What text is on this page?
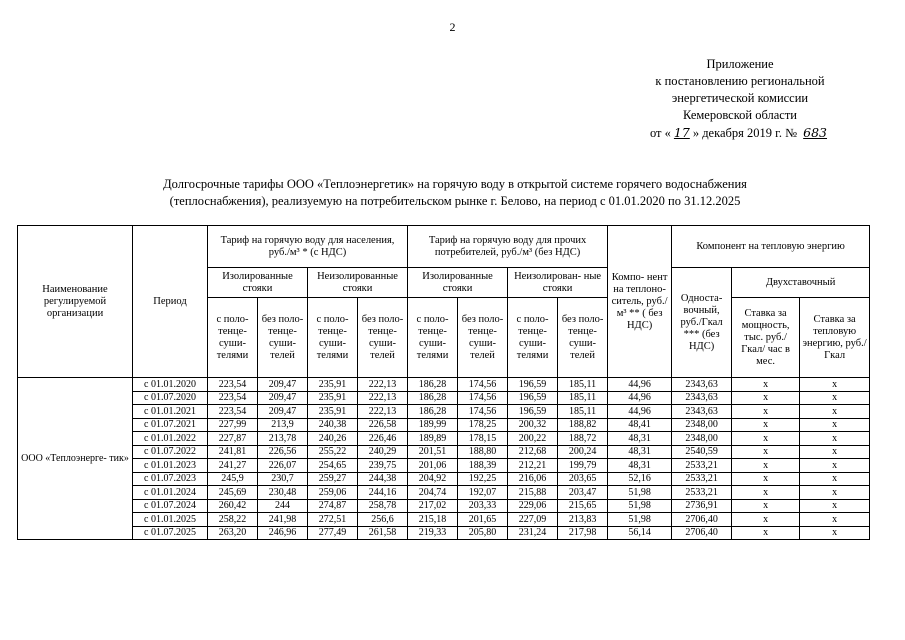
2
Приложение
к постановлению региональной
энергетической комиссии
Кемеровской области
от « 17 » декабря 2019 г. № 683
Долгосрочные тарифы ООО «Теплоэнергетик» на горячую воду в открытой системе горячего водоснабжения
(теплоснабжения), реализуемую на потребительском рынке г. Белово, на период с 01.01.2020 по 31.12.2025
Наименование регулируемой организации	Период	Тариф на горячую воду для населения, руб./м³ * (с НДС)				Тариф на горячую воду для прочих потребителей, руб./м³ (без НДС)				Компо- нент на теплоно- ситель, руб./м³ ** ( без НДС)	Компонент на тепловую энергию		
		Изолированные стояки		Неизолированные стояки		Изолированные стояки		Неизолирован- ные стояки			Односта- вочный, руб./Гкал *** (без НДС)	Двухставочный	
		с поло- тенце- суши- телями	без поло- тенце- суши- телей	с поло- тенце- суши- телями	без поло- тенце- суши- телей	с поло- тенце- суши- телями	без поло- тенце- суши- телей	с поло- тенце- суши- телями	без поло- тенце- суши- телей			Ставка за мощность, тыс. руб./ Гкал/ час в мес.	Ставка за тепловую энергию, руб./Гкал

ООО «Теплоэнерге- тик»	с 01.01.2020	223,54	209,47	235,91	222,13	186,28	174,56	196,59	185,11	44,96	2343,63	х	х
	с 01.07.2020	223,54	209,47	235,91	222,13	186,28	174,56	196,59	185,11	44,96	2343,63	х	х
	с 01.01.2021	223,54	209,47	235,91	222,13	186,28	174,56	196,59	185,11	44,96	2343,63	х	х
	с 01.07.2021	227,99	213,9	240,38	226,58	189,99	178,25	200,32	188,82	48,41	2348,00	х	х
	с 01.01.2022	227,87	213,78	240,26	226,46	189,89	178,15	200,22	188,72	48,31	2348,00	х	х
	с 01.07.2022	241,81	226,56	255,22	240,29	201,51	188,80	212,68	200,24	48,31	2540,59	х	х
	с 01.01.2023	241,27	226,07	254,65	239,75	201,06	188,39	212,21	199,79	48,31	2533,21	х	х
	с 01.07.2023	245,9	230,7	259,27	244,38	204,92	192,25	216,06	203,65	52,16	2533,21	х	х
	с 01.01.2024	245,69	230,48	259,06	244,16	204,74	192,07	215,88	203,47	51,98	2533,21	х	х
	с 01.07.2024	260,42	244	274,87	258,78	217,02	203,33	229,06	215,65	51,98	2736,91	х	х
	с 01.01.2025	258,22	241,98	272,51	256,6	215,18	201,65	227,09	213,83	51,98	2706,40	х	х
	с 01.07.2025	263,20	246,96	277,49	261,58	219,33	205,80	231,24	217,98	56,14	2706,40	х	х
